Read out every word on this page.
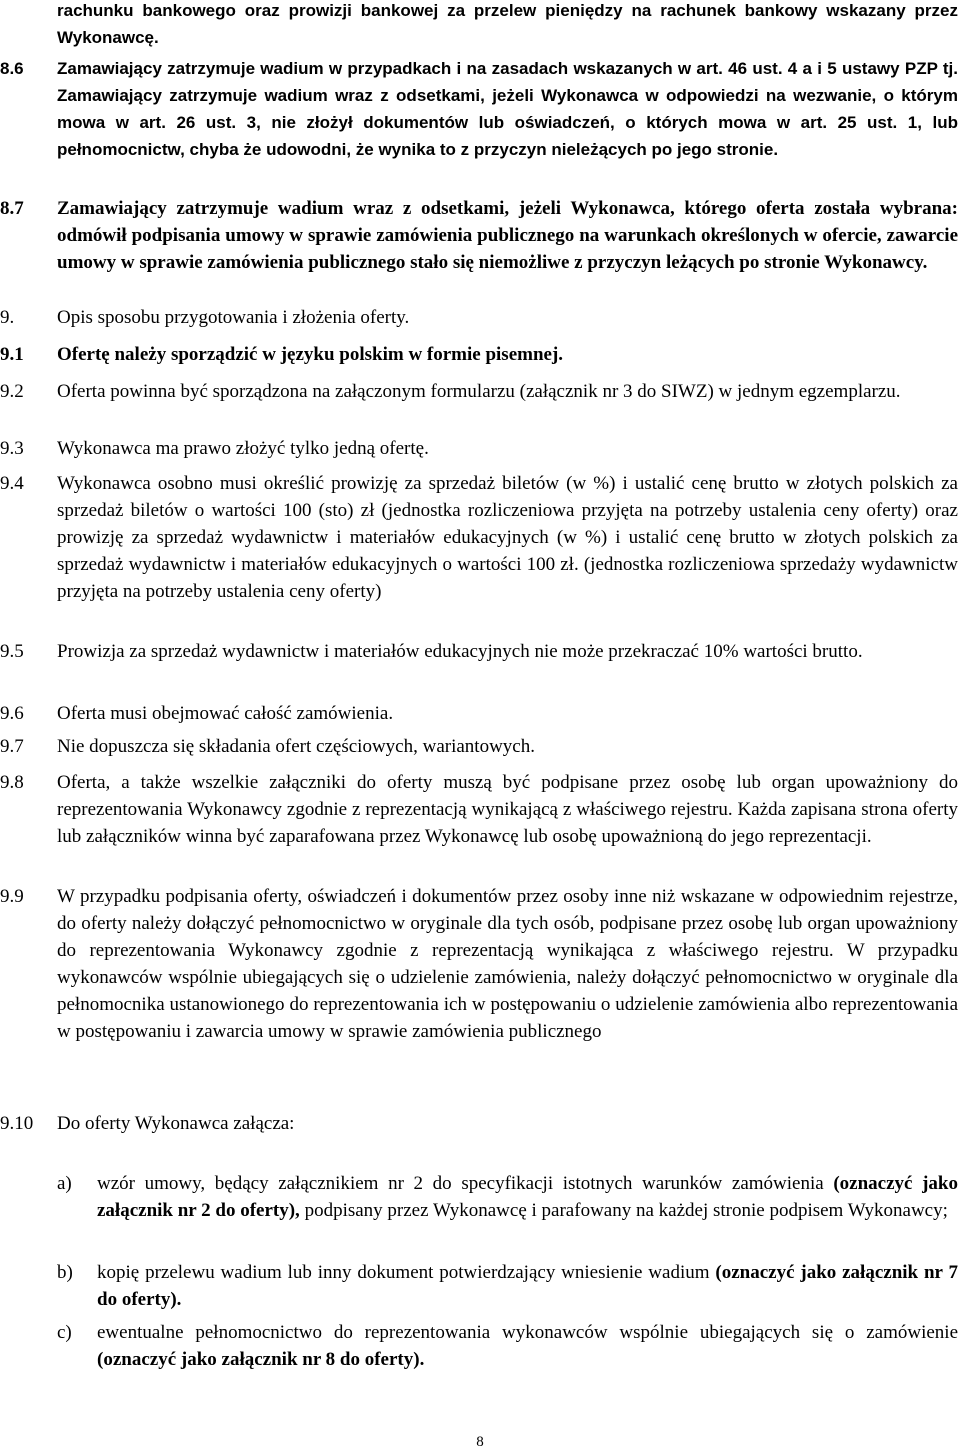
rachunku bankowego oraz prowizji bankowej za przelew pieniędzy na rachunek bankowy wskazany przez Wykonawcę.
8.6 Zamawiający zatrzymuje wadium w przypadkach i na zasadach wskazanych w art. 46 ust. 4 a i 5 ustawy PZP tj. Zamawiający zatrzymuje wadium wraz z odsetkami, jeżeli Wykonawca w odpowiedzi na wezwanie, o którym mowa w art. 26 ust. 3, nie złożył dokumentów lub oświadczeń, o których mowa w art. 25 ust. 1, lub pełnomocnictw, chyba że udowodni, że wynika to z przyczyn nieleżących po jego stronie.
8.7 Zamawiający zatrzymuje wadium wraz z odsetkami, jeżeli Wykonawca, którego oferta została wybrana: odmówił podpisania umowy w sprawie zamówienia publicznego na warunkach określonych w ofercie, zawarcie umowy w sprawie zamówienia publicznego stało się niemożliwe z przyczyn leżących po stronie Wykonawcy.
9. Opis sposobu przygotowania i złożenia oferty.
9.1 Ofertę należy sporządzić w języku polskim w formie pisemnej.
9.2 Oferta powinna być sporządzona na załączonym formularzu (załącznik nr 3 do SIWZ) w jednym egzemplarzu.
9.3 Wykonawca ma prawo złożyć tylko jedną ofertę.
9.4 Wykonawca osobno musi określić prowizję za sprzedaż biletów (w %) i ustalić cenę brutto w złotych polskich za sprzedaż biletów o wartości 100 (sto) zł (jednostka rozliczeniowa przyjęta na potrzeby ustalenia ceny oferty) oraz prowizję za sprzedaż wydawnictw i materiałów edukacyjnych (w %) i ustalić cenę brutto w złotych polskich za sprzedaż wydawnictw i materiałów edukacyjnych o wartości 100 zł. (jednostka rozliczeniowa sprzedaży wydawnictw przyjęta na potrzeby ustalenia ceny oferty)
9.5 Prowizja za sprzedaż wydawnictw i materiałów edukacyjnych nie może przekraczać 10% wartości brutto.
9.6 Oferta musi obejmować całość zamówienia.
9.7 Nie dopuszcza się składania ofert częściowych, wariantowych.
9.8 Oferta, a także wszelkie załączniki do oferty muszą być podpisane przez osobę lub organ upoważniony do reprezentowania Wykonawcy zgodnie z reprezentacją wynikającą z właściwego rejestru. Każda zapisana strona oferty lub załączników winna być zaparafowana przez Wykonawcę lub osobę upoważnioną do jego reprezentacji.
9.9 W przypadku podpisania oferty, oświadczeń i dokumentów przez osoby inne niż wskazane w odpowiednim rejestrze, do oferty należy dołączyć pełnomocnictwo w oryginale dla tych osób, podpisane przez osobę lub organ upoważniony do reprezentowania Wykonawcy zgodnie z reprezentacją wynikająca z właściwego rejestru. W przypadku wykonawców wspólnie ubiegających się o udzielenie zamówienia, należy dołączyć pełnomocnictwo w oryginale dla pełnomocnika ustanowionego do reprezentowania ich w postępowaniu o udzielenie zamówienia albo reprezentowania w postępowaniu i zawarcia umowy w sprawie zamówienia publicznego
9.10 Do oferty Wykonawca załącza:
a) wzór umowy, będący załącznikiem nr 2 do specyfikacji istotnych warunków zamówienia (oznaczyć jako załącznik nr 2 do oferty), podpisany przez Wykonawcę i parafowany na każdej stronie podpisem Wykonawcy;
b) kopię przelewu wadium lub inny dokument potwierdzający wniesienie wadium (oznaczyć jako załącznik nr 7 do oferty).
c) ewentualne pełnomocnictwo do reprezentowania wykonawców wspólnie ubiegających się o zamówienie (oznaczyć jako załącznik nr 8 do oferty).
8
